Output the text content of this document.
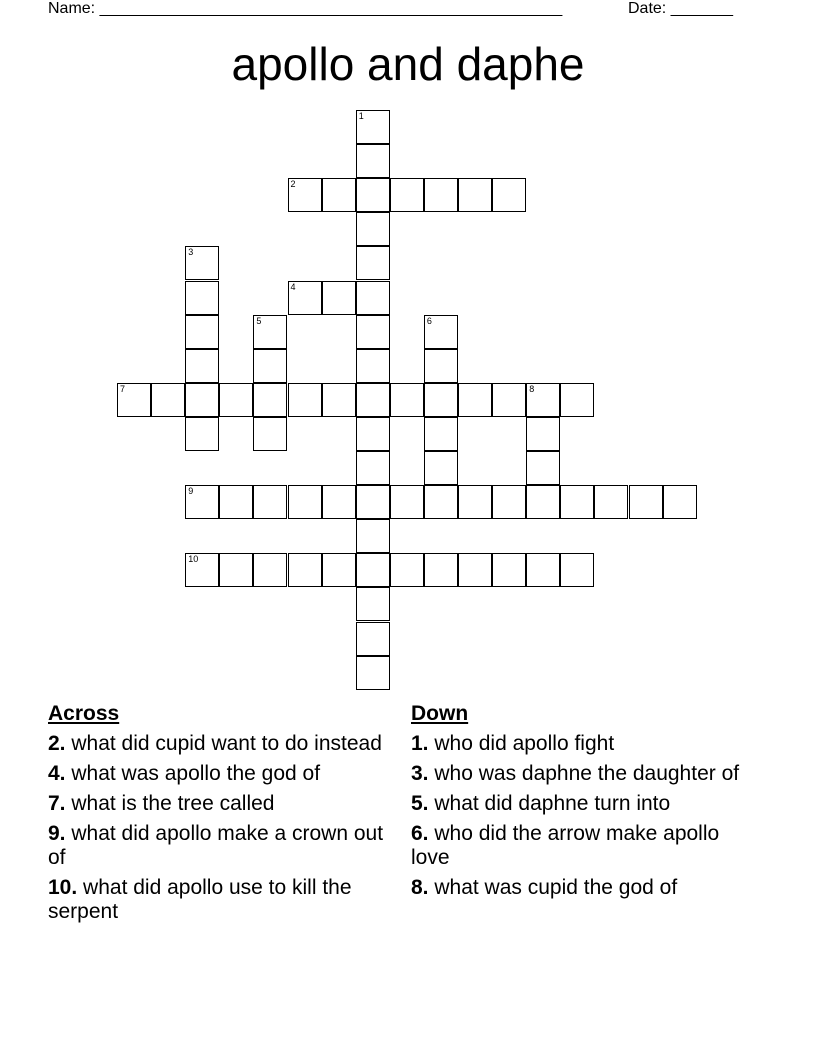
Name: ____________________________________________________	Date: _______
apollo and daphe
1
2
3
4
5	6
7	8
9
10
Across
2. what did cupid want to do instead
4. what was apollo the god of
7. what is the tree called
9. what did apollo make a crown out of
10. what did apollo use to kill the serpent
Down
1. who did apollo fight
3. who was daphne the daughter of
5. what did daphne turn into
6. who did the arrow make apollo love
8. what was cupid the god of
